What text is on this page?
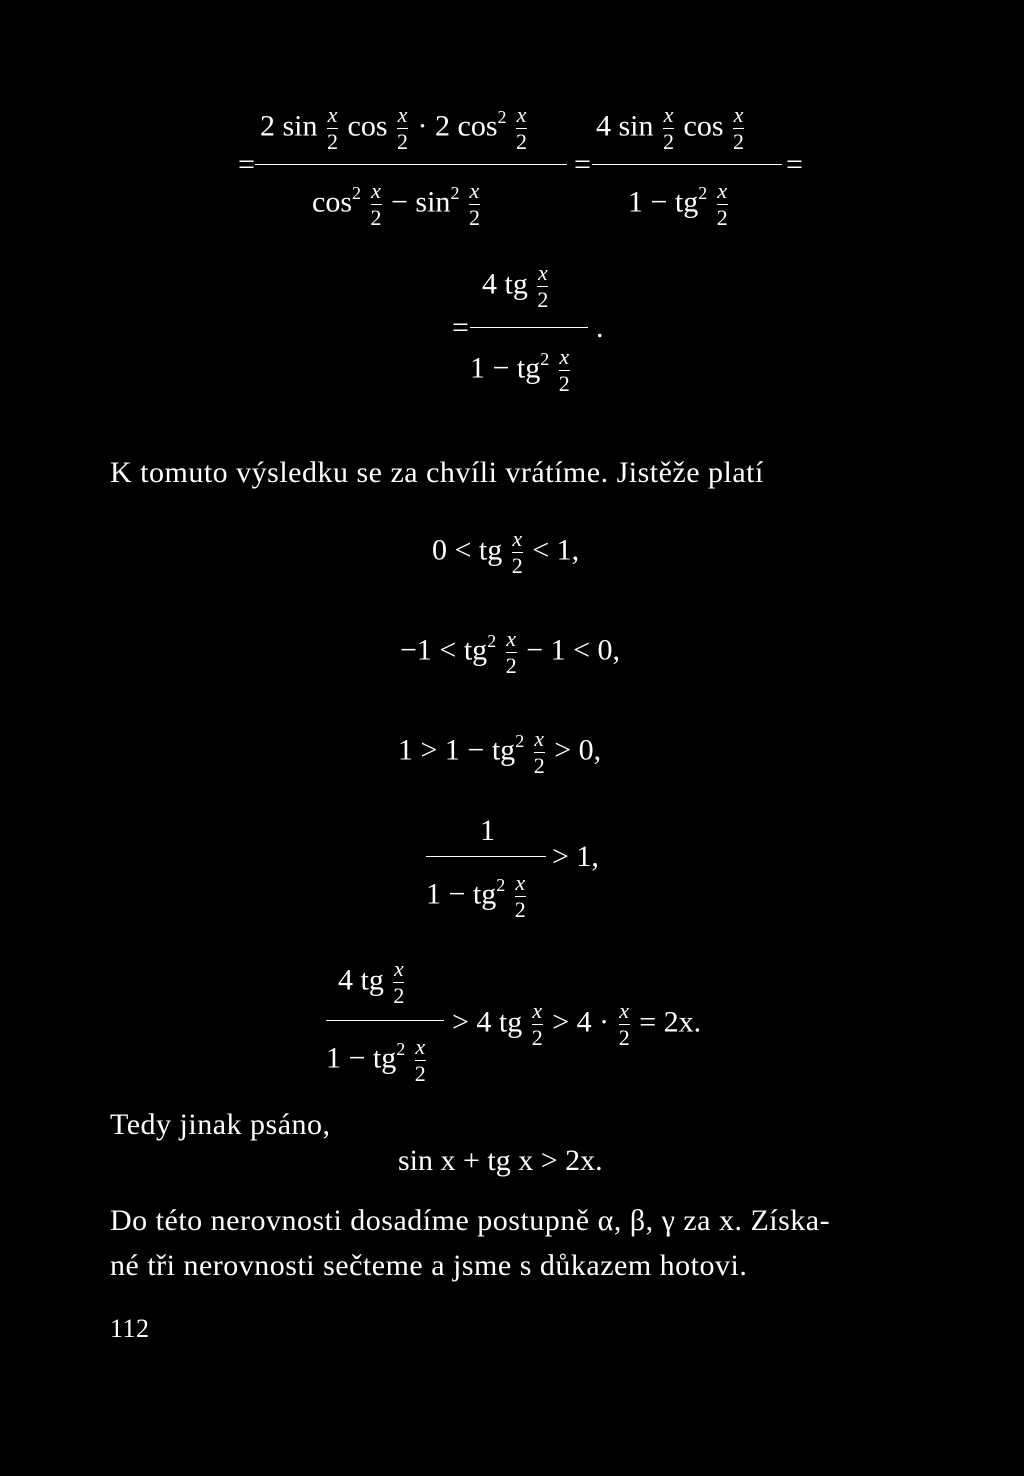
=
2 $\sin \frac{x}{2}$ $\cos \frac{x}{2} \cdot 2$ $\cos^2 \frac{x}{2}$
$\cos^2 \frac{x}{2} - \sin^2 \frac{x}{2}$
=
4 $\sin \frac{x}{2}$ $\cos \frac{x}{2}$
$1 - tg^2 \frac{x}{2}$
=
=
4 tg $\frac{x}{2}$
.
$1 - tg^2 \frac{x}{2}$
K tomuto výsledku se za chvíli vrátíme. Jistěže platí
0 < tg $\frac{x}{2} < 1$,
$-1 < tg^2 \frac{x}{2} - 1 < 0$,
$1 > 1 - tg^2 \frac{x}{2} > 0$,
1
> 1,
$1 - tg^2 \frac{x}{2}$
4 tg $\frac{x}{2}$
> 4 tg $\frac{x}{2} > 4 \cdot \frac{x}{2} = 2x$.
$1 - tg^2 \frac{x}{2}$
Tedy jinak psáno,
sin x + tg x > 2x.
Do této nerovnosti dosadíme postupně α, β, γ za x. Získa-
né tři nerovnosti sečteme a jsme s důkazem hotovi.
112
